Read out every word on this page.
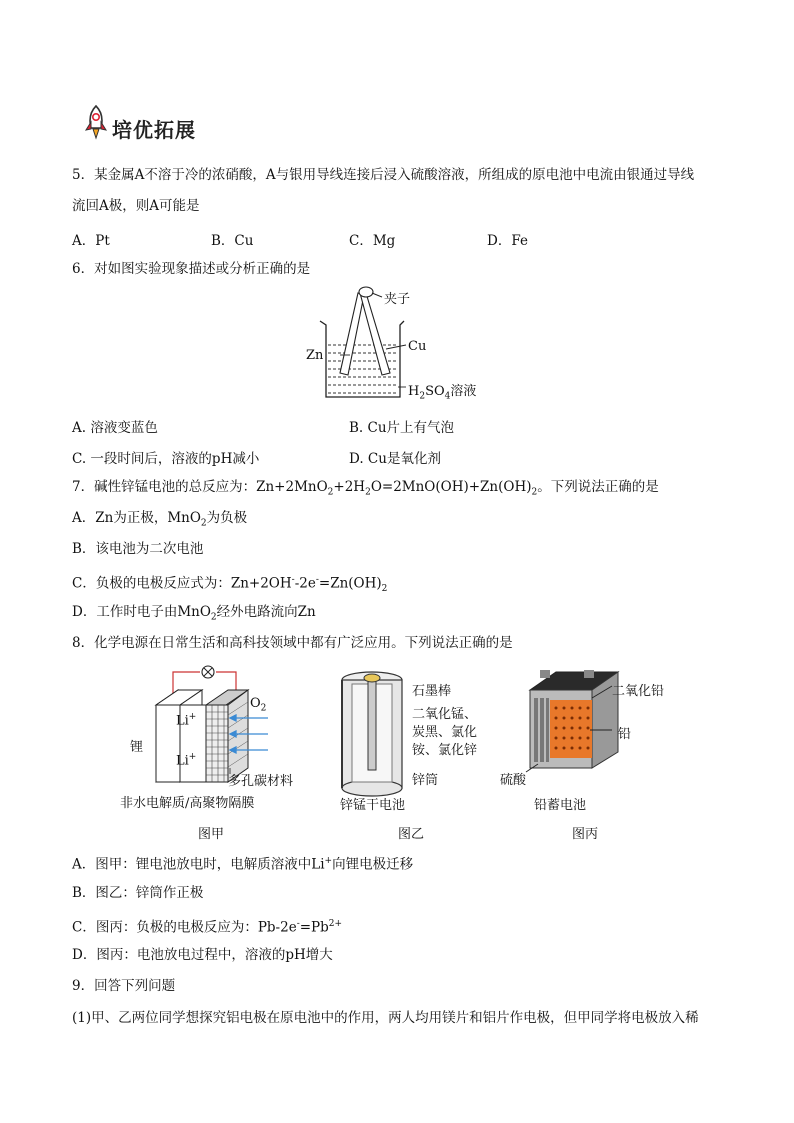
培优拓展
5．某金属A不溶于冷的浓硝酸，A与银用导线连接后浸入硫酸溶液，所组成的原电池中电流由银通过导线
流回A极，则A可能是
A．Pt	B．Cu	C．Mg	D．Fe
6．对如图实验现象描述或分析正确的是
夹子
Zn
Cu
$H_2SO_4$溶液
A. 溶液变蓝色	B. Cu片上有气泡
C. 一段时间后，溶液的pH减小	D. Cu是氧化剂
7．碱性锌锰电池的总反应为：$Zn+2MnO_2+2H_2O=2MnO(OH)+Zn(OH)_2$。下列说法正确的是
A．Zn为正极，MnO$_2$为负极
B．该电池为二次电池
C．负极的电极反应式为：$Zn+2OH^--2e^-=Zn(OH)_2$
D．工作时电子由MnO$_2$经外电路流向Zn
8．化学电源在日常生活和高科技领域中都有广泛应用。下列说法正确的是
Li+
Li+
锂
$O_2$
多孔碳材料
非水电解质/高聚物隔膜
图甲
石墨棒
二氧化锰、
炭黑、氯化
铵、氯化锌
锌筒
锌锰干电池
图乙
二氧化铅
铅
硫酸
铅蓄电池
图丙
A．图甲：锂电池放电时，电解质溶液中Li+向锂电极迁移
B．图乙：锌筒作正极
C．图丙：负极的电极反应为：$Pb-2e^-=Pb^{2+}$
D．图丙：电池放电过程中，溶液的pH增大
9．回答下列问题
(1)甲、乙两位同学想探究铝电极在原电池中的作用，两人均用镁片和铝片作电极，但甲同学将电极放入稀
